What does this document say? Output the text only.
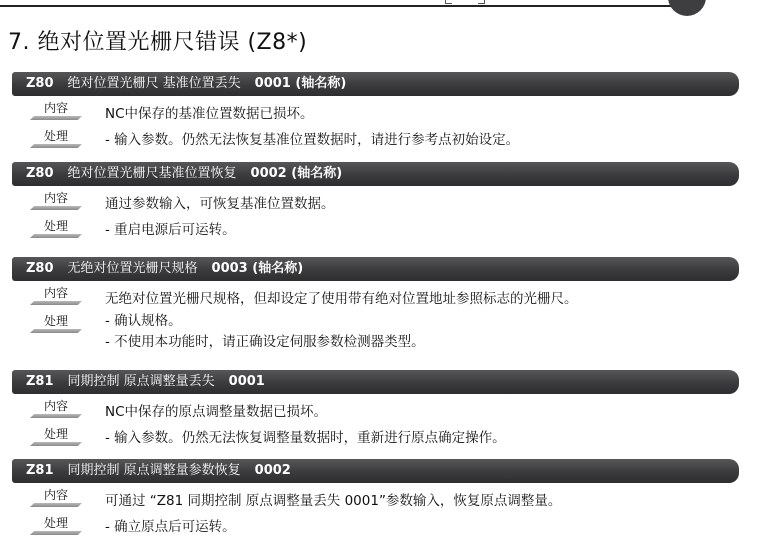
7. 绝对位置光栅尺错误 (Z8*)
Z80 绝对位置光栅尺 基准位置丢失 0001 (轴名称)
内容	NC中保存的基准位置数据已损坏。
处理	- 输入参数。仍然无法恢复基准位置数据时，请进行参考点初始设定。
Z80 绝对位置光栅尺基准位置恢复 0002 (轴名称)
内容	通过参数输入，可恢复基准位置数据。
处理	- 重启电源后可运转。
Z80 无绝对位置光栅尺规格 0003 (轴名称)
内容	无绝对位置光栅尺规格，但却设定了使用带有绝对位置地址参照标志的光栅尺。
处理	- 确认规格。
- 不使用本功能时，请正确设定伺服参数检测器类型。
Z81 同期控制 原点调整量丢失 0001
内容	NC中保存的原点调整量数据已损坏。
处理	- 输入参数。仍然无法恢复调整量数据时，重新进行原点确定操作。
Z81 同期控制 原点调整量参数恢复 0002
内容	可通过 “Z81 同期控制 原点调整量丢失 0001”参数输入，恢复原点调整量。
处理	- 确立原点后可运转。
